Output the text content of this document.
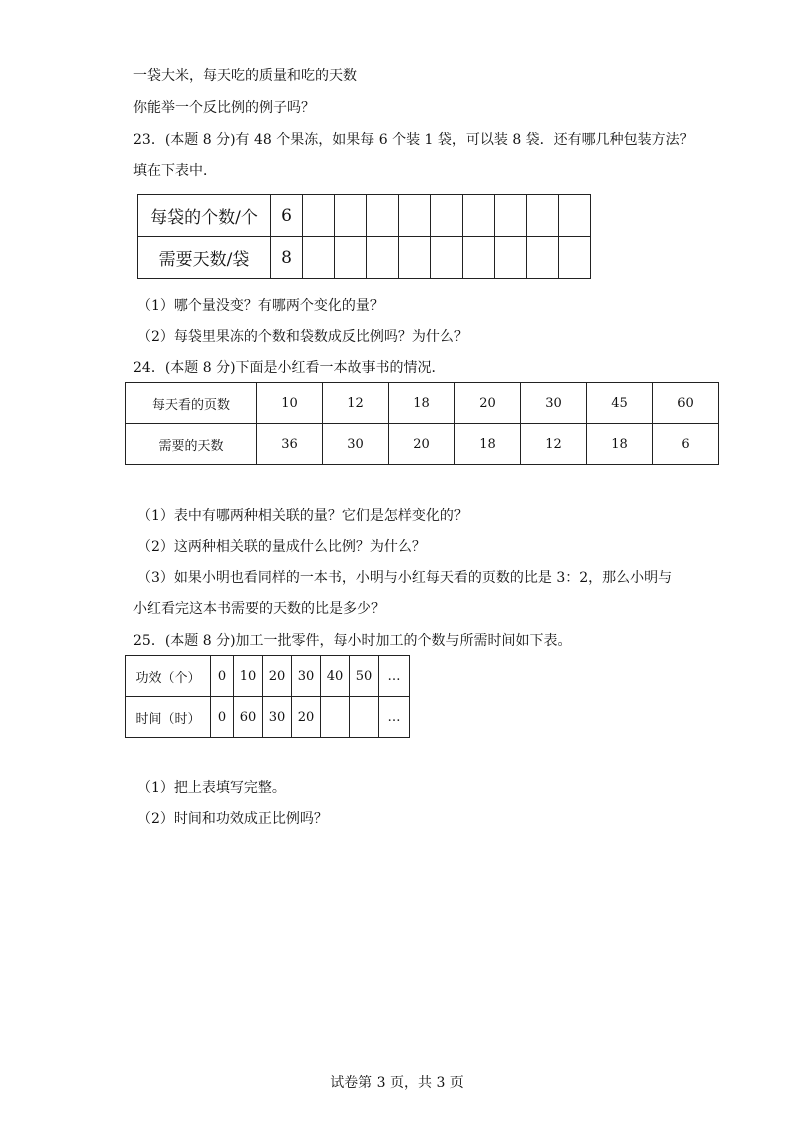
一袋大米，每天吃的质量和吃的天数
你能举一个反比例的例子吗？
23．(本题 8 分)有 48 个果冻，如果每 6 个装 1 袋，可以装 8 袋．还有哪几种包装方法？
填在下表中．
每袋的个数/个	6									
需要天数/袋	8									
（1）哪个量没变？有哪两个变化的量？
（2）每袋里果冻的个数和袋数成反比例吗？为什么？
24．(本题 8 分)下面是小红看一本故事书的情况．
每天看的页数	10	12	18	20	30	45	60
需要的天数	36	30	20	18	12	18	6
（1）表中有哪两种相关联的量？它们是怎样变化的？
（2）这两种相关联的量成什么比例？为什么？
（3）如果小明也看同样的一本书，小明与小红每天看的页数的比是 3：2，那么小明与
小红看完这本书需要的天数的比是多少？
25．(本题 8 分)加工一批零件，每小时加工的个数与所需时间如下表。
功效（个）	0	10	20	30	40	50	…
时间（时）	0	60	30	20			…
（1）把上表填写完整。
（2）时间和功效成正比例吗？
试卷第 3 页，共 3 页
